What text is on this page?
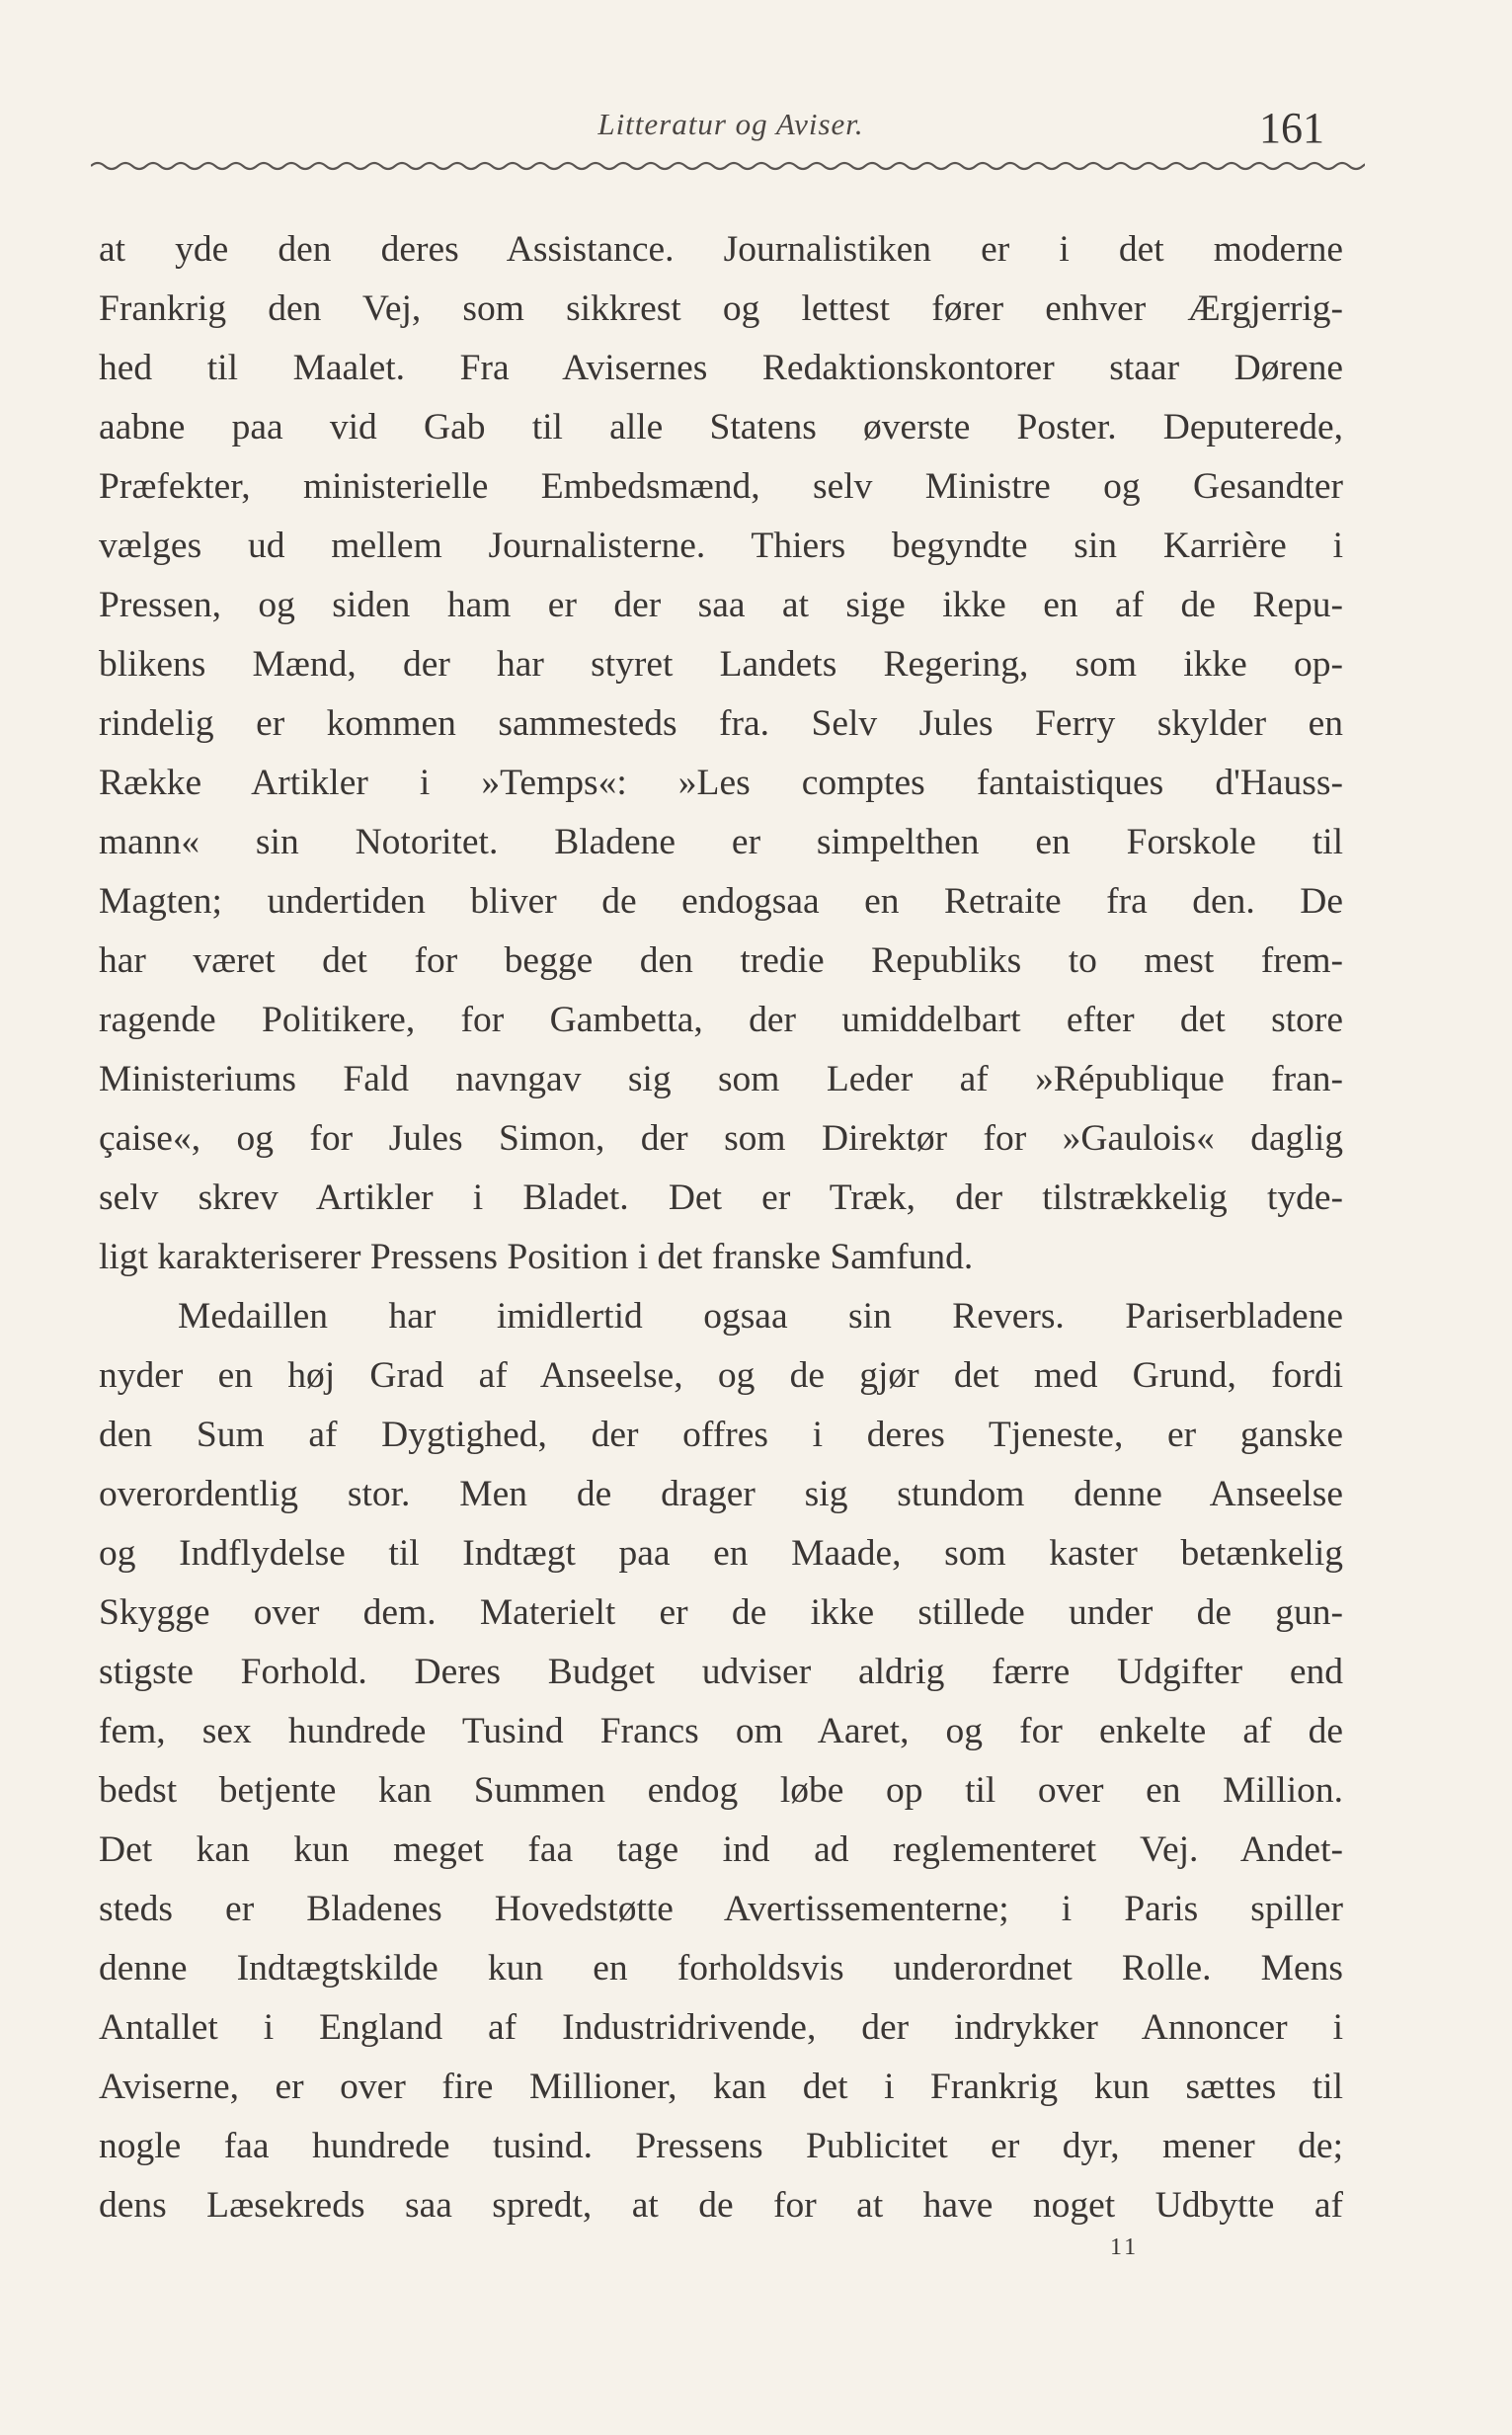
Litteratur og Aviser.	161
at yde den deres Assistance. Journalistiken er i det moderne
Frankrig den Vej, som sikkrest og lettest fører enhver Ærgjerrig-
hed til Maalet. Fra Avisernes Redaktionskontorer staar Dørene
aabne paa vid Gab til alle Statens øverste Poster. Deputerede,
Præfekter, ministerielle Embedsmænd, selv Ministre og Gesandter
vælges ud mellem Journalisterne. Thiers begyndte sin Karrière i
Pressen, og siden ham er der saa at sige ikke en af de Repu-
blikens Mænd, der har styret Landets Regering, som ikke op-
rindelig er kommen sammesteds fra. Selv Jules Ferry skylder en
Række Artikler i »Temps«: »Les comptes fantaistiques d'Hauss-
mann« sin Notoritet. Bladene er simpelthen en Forskole til
Magten; undertiden bliver de endogsaa en Retraite fra den. De
har været det for begge den tredie Republiks to mest frem-
ragende Politikere, for Gambetta, der umiddelbart efter det store
Ministeriums Fald navngav sig som Leder af »République fran-
çaise«, og for Jules Simon, der som Direktør for »Gaulois« daglig
selv skrev Artikler i Bladet. Det er Træk, der tilstrækkelig tyde-
ligt karakteriserer Pressens Position i det franske Samfund.
Medaillen har imidlertid ogsaa sin Revers. Pariserbladene
nyder en høj Grad af Anseelse, og de gjør det med Grund, fordi
den Sum af Dygtighed, der offres i deres Tjeneste, er ganske
overordentlig stor. Men de drager sig stundom denne Anseelse
og Indflydelse til Indtægt paa en Maade, som kaster betænkelig
Skygge over dem. Materielt er de ikke stillede under de gun-
stigste Forhold. Deres Budget udviser aldrig færre Udgifter end
fem, sex hundrede Tusind Francs om Aaret, og for enkelte af de
bedst betjente kan Summen endog løbe op til over en Million.
Det kan kun meget faa tage ind ad reglementeret Vej. Andet-
steds er Bladenes Hovedstøtte Avertissementerne; i Paris spiller
denne Indtægtskilde kun en forholdsvis underordnet Rolle. Mens
Antallet i England af Industridrivende, der indrykker Annoncer i
Aviserne, er over fire Millioner, kan det i Frankrig kun sættes til
nogle faa hundrede tusind. Pressens Publicitet er dyr, mener de;
dens Læsekreds saa spredt, at de for at have noget Udbytte af
11
